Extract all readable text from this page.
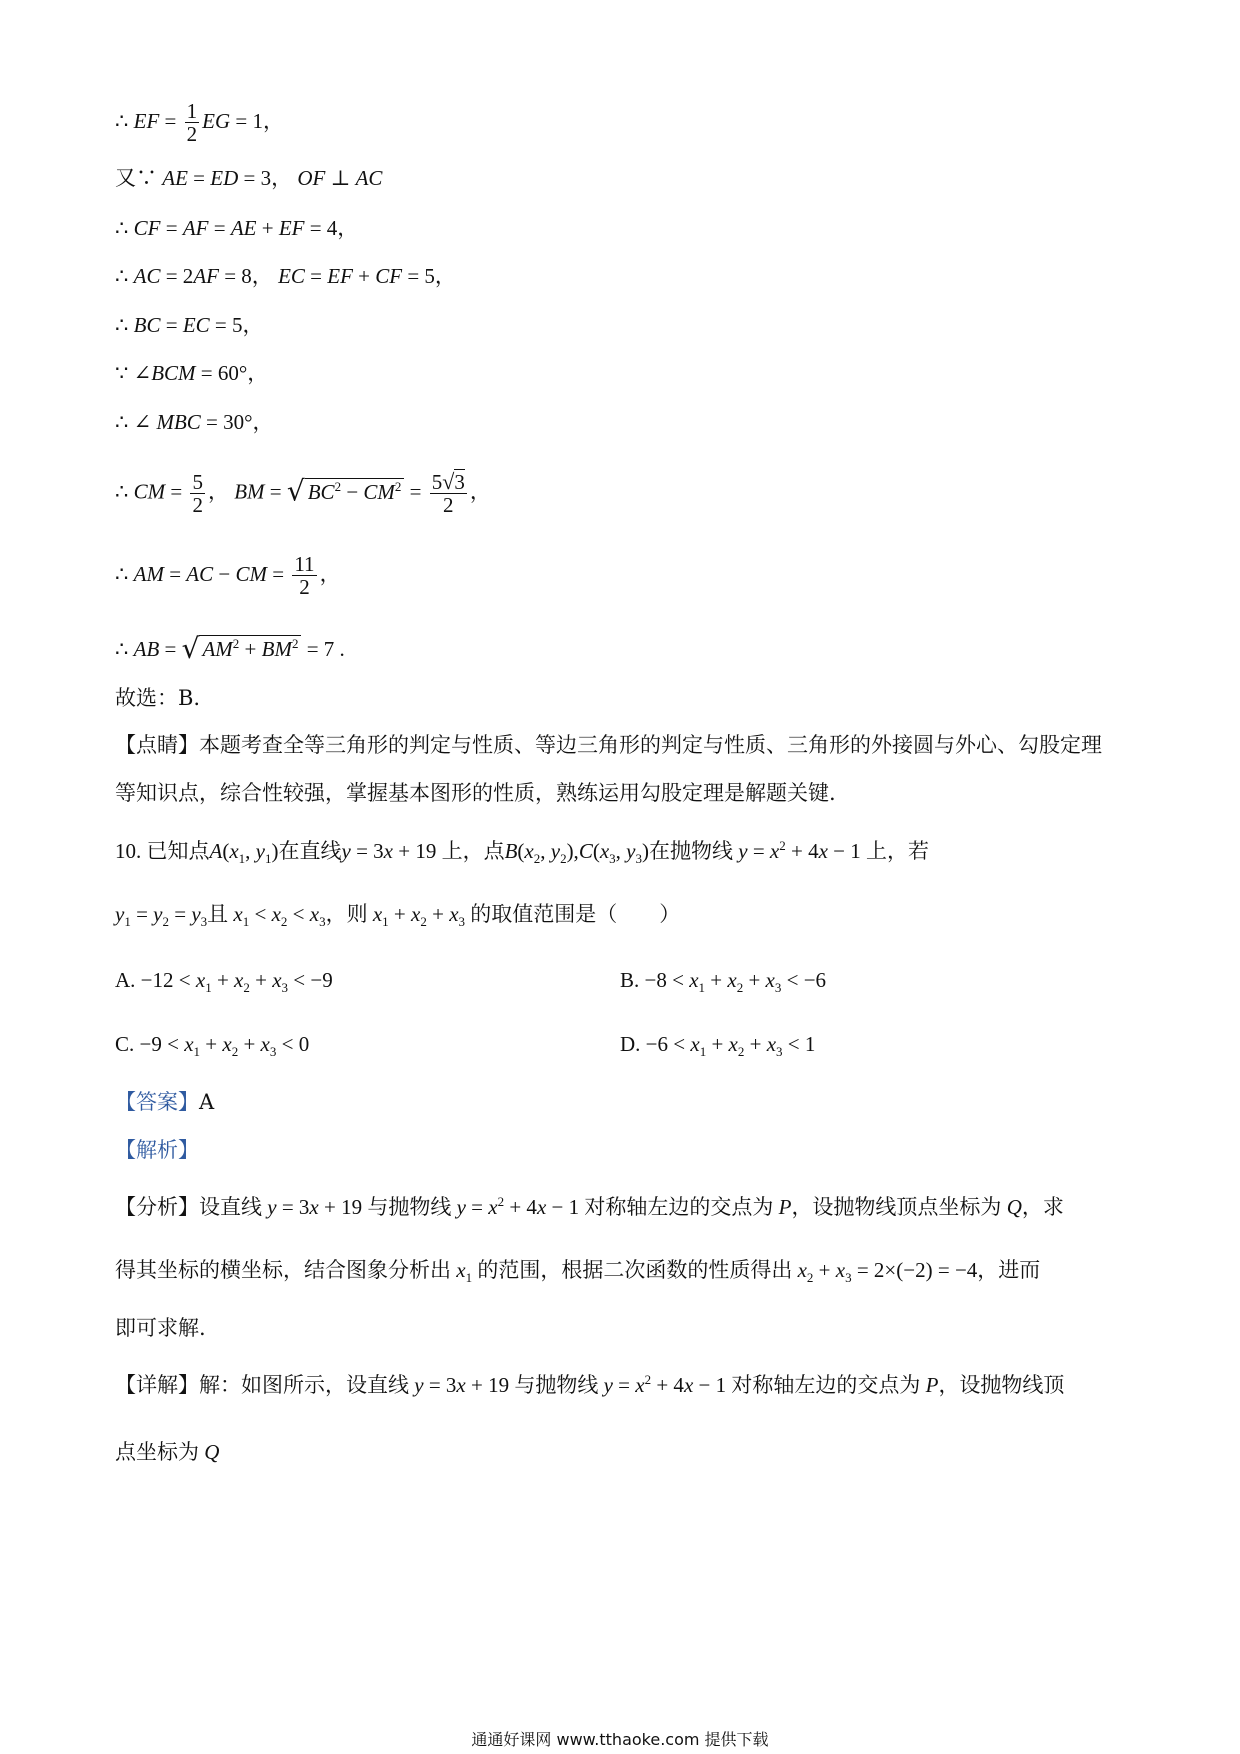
∴ EF = $\frac{1}{2}$ EG = 1，
又∵ AE = ED = 3， OF ⊥ AC
∴ CF = AF = AE + EF = 4，
∴ AC = 2AF = 8， EC = EF + CF = 5，
∴ BC = EC = 5，
∵ ∠BCM = 60°，
∴ ∠ MBC = 30°，
∴ CM = $\frac{5}{2}$ ， BM = √ $BC^2 - CM^2 = \frac{5√3}{2}$ ，
∴ AM = AC − CM = $\frac{11}{2}$ ，
∴ AB = √ $AM^2 + BM^2 = 7$ .
故选：B.
【点睛】本题考查全等三角形的判定与性质、等边三角形的判定与性质、三角形的外接圆与外心、勾股定理
等知识点，综合性较强，掌握基本图形的性质，熟练运用勾股定理是解题关键.
10. 已知点$A(x_1$, $y_1$)在直线y = 3x + 19 上，点$B(x_2$, $y_2),C(x_3$, $y_3$)在抛物线 $y = x^2 + 4x - 1$ 上，若
$y_1 = y_2 = y_3$且 $x_1 < x_2 < x_3$，则 $x_1 + x_2 + x_3$ 的取值范围是（　　）
A. $-12 < x_1 + x_2 + x_3 < -9$	B. $-8 < x_1 + x_2 + x_3 < -6$
C. $-9 < x_1 + x_2 + x_3 < 0$	D. $-6 < x_1 + x_2 + x_3 < 1$
【答案】A
【解析】
【分析】设直线 y = 3x + 19 与抛物线 $y = x^2 + 4x - 1$ 对称轴左边的交点为 P，设抛物线顶点坐标为 Q，求
得其坐标的横坐标，结合图象分析出 $x_1$ 的范围，根据二次函数的性质得出 $x_2 + x_3 = 2\times(-2) = -4$，进而
即可求解.
【详解】解：如图所示，设直线 y = 3x + 19 与抛物线 $y = x^2 + 4x - 1$ 对称轴左边的交点为 P，设抛物线顶
点坐标为 Q
通通好课网 www.tthaoke.com 提供下载
